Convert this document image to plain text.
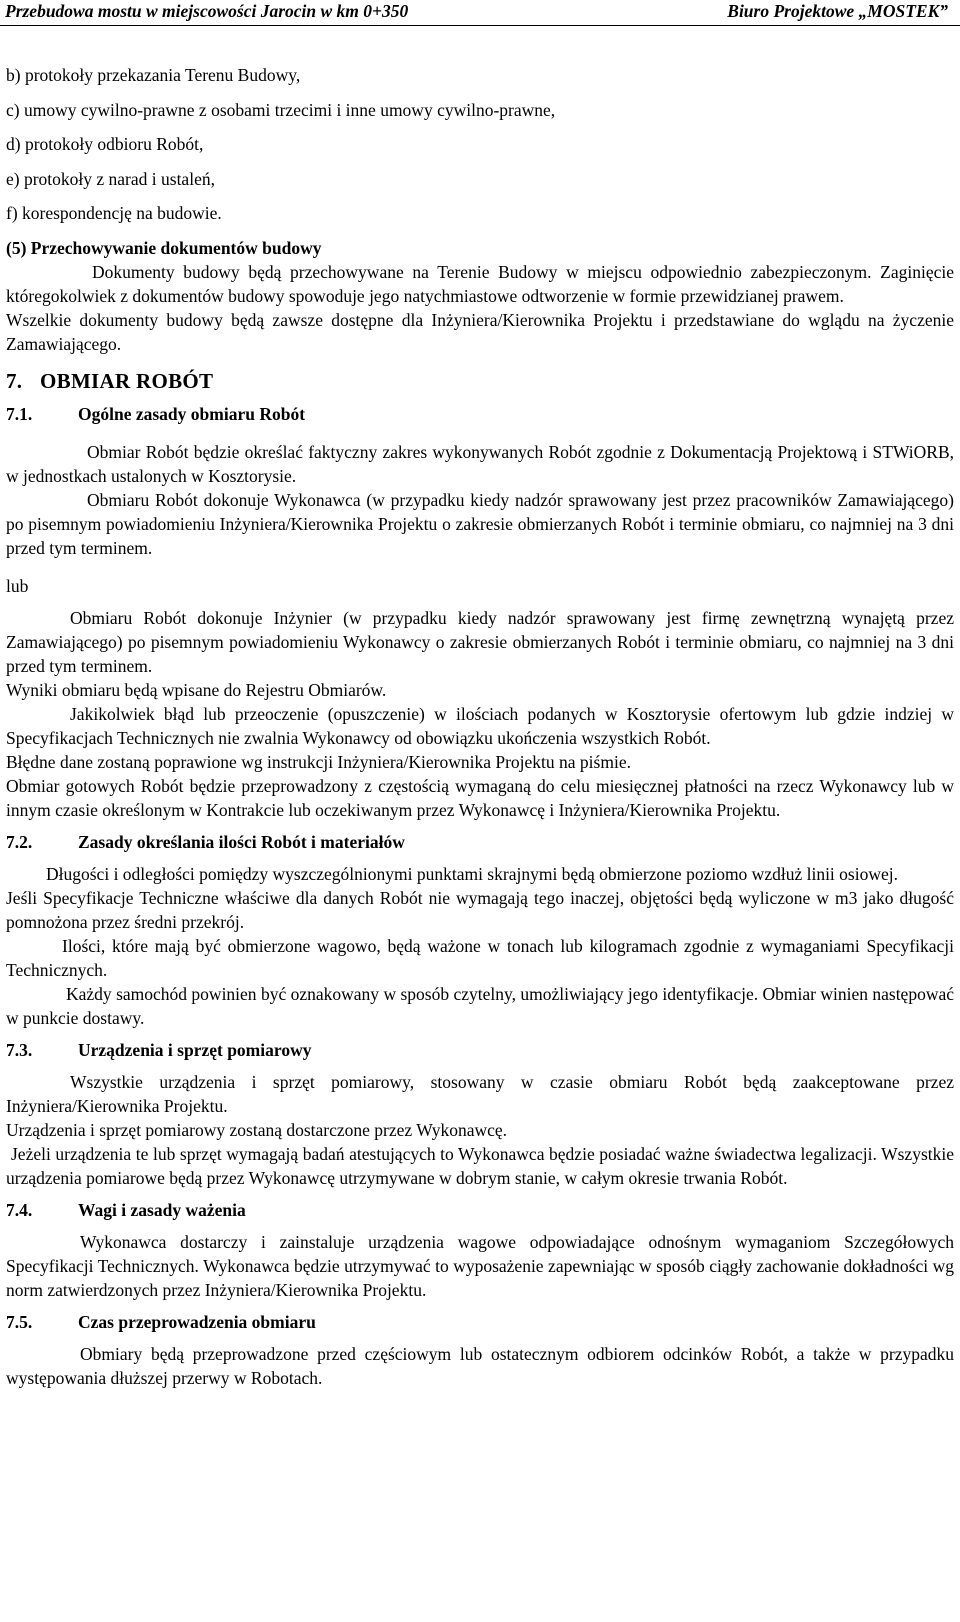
Przebudowa mostu w miejscowości Jarocin w km 0+350	Biuro Projektowe „MOSTEK”

b) protokoły przekazania Terenu Budowy,

c) umowy cywilno-prawne z osobami trzecimi i inne umowy cywilno-prawne,

d) protokoły odbioru Robót,

e) protokoły z narad i ustaleń,

f) korespondencję na budowie.

(5) Przechowywanie dokumentów budowy

Dokumenty budowy będą przechowywane na Terenie Budowy w miejscu odpowiednio zabezpieczonym. Zaginięcie któregokolwiek z dokumentów budowy spowoduje jego natychmiastowe odtworzenie w formie przewidzianej prawem.

Wszelkie dokumenty budowy będą zawsze dostępne dla Inżyniera/Kierownika Projektu i przedstawiane do wglądu na życzenie Zamawiającego.

7. OBMIAR ROBÓT

7.1.	Ogólne zasady obmiaru Robót

Obmiar Robót będzie określać faktyczny zakres wykonywanych Robót zgodnie z Dokumentacją Projektową i STWiORB, w jednostkach ustalonych w Kosztorysie.

Obmiaru Robót dokonuje Wykonawca (w przypadku kiedy nadzór sprawowany jest przez pracowników Zamawiającego) po pisemnym powiadomieniu Inżyniera/Kierownika Projektu o zakresie obmierzanych Robót i terminie obmiaru, co najmniej na 3 dni przed tym terminem.

lub

Obmiaru Robót dokonuje Inżynier (w przypadku kiedy nadzór sprawowany jest firmę zewnętrzną wynajętą przez Zamawiającego) po pisemnym powiadomieniu Wykonawcy o zakresie obmierzanych Robót i terminie obmiaru, co najmniej na 3 dni przed tym terminem.

Wyniki obmiaru będą wpisane do Rejestru Obmiarów.

Jakikolwiek błąd lub przeoczenie (opuszczenie) w ilościach podanych w Kosztorysie ofertowym lub gdzie indziej w Specyfikacjach Technicznych nie zwalnia Wykonawcy od obowiązku ukończenia wszystkich Robót.

Błędne dane zostaną poprawione wg instrukcji Inżyniera/Kierownika Projektu na piśmie.

Obmiar gotowych Robót będzie przeprowadzony z częstością wymaganą do celu miesięcznej płatności na rzecz Wykonawcy lub w innym czasie określonym w Kontrakcie lub oczekiwanym przez Wykonawcę i Inżyniera/Kierownika Projektu.

7.2.	Zasady określania ilości Robót i materiałów

Długości i odległości pomiędzy wyszczególnionymi punktami skrajnymi będą obmierzone poziomo wzdłuż linii osiowej.

Jeśli Specyfikacje Techniczne właściwe dla danych Robót nie wymagają tego inaczej, objętości będą wyliczone w m3 jako długość pomnożona przez średni przekrój.

Ilości, które mają być obmierzone wagowo, będą ważone w tonach lub kilogramach zgodnie z wymaganiami Specyfikacji Technicznych.

Każdy samochód powinien być oznakowany w sposób czytelny, umożliwiający jego identyfikacje. Obmiar winien następować w punkcie dostawy.

7.3.	Urządzenia i sprzęt pomiarowy

Wszystkie urządzenia i sprzęt pomiarowy, stosowany w czasie obmiaru Robót będą zaakceptowane przez Inżyniera/Kierownika Projektu.

Urządzenia i sprzęt pomiarowy zostaną dostarczone przez Wykonawcę.

Jeżeli urządzenia te lub sprzęt wymagają badań atestujących to Wykonawca będzie posiadać ważne świadectwa legalizacji. Wszystkie urządzenia pomiarowe będą przez Wykonawcę utrzymywane w dobrym stanie, w całym okresie trwania Robót.

7.4.	Wagi i zasady ważenia

Wykonawca dostarczy i zainstaluje urządzenia wagowe odpowiadające odnośnym wymaganiom Szczegółowych Specyfikacji Technicznych. Wykonawca będzie utrzymywać to wyposażenie zapewniając w sposób ciągły zachowanie dokładności wg norm zatwierdzonych przez Inżyniera/Kierownika Projektu.

7.5.	Czas przeprowadzenia obmiaru

Obmiary będą przeprowadzone przed częściowym lub ostatecznym odbiorem odcinków Robót, a także w przypadku występowania dłuższej przerwy w Robotach.
